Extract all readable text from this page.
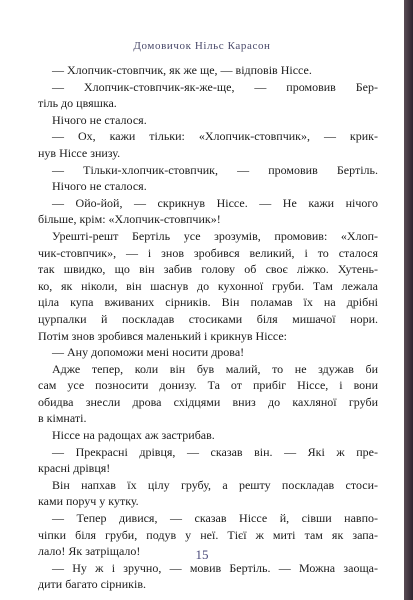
Домовичок Нільс Карасон
— Хлопчик-стовпчик, як же ще, — відповів Ніссе.
— Хлопчик-стовпчик-як-же-ще, — промовив Бер-
тіль до цвяшка.
Нічого не сталося.
— Ох, кажи тільки: «Хлопчик-стовпчик», — крик-
нув Ніссе знизу.
— Тільки-хлопчик-стовпчик, — промовив Бертіль.
Нічого не сталося.
— Ойо-йой, — скрикнув Ніссе. — Не кажи нічого
більше, крім: «Хлопчик-стовпчик»!
Урешті-решт Бертіль усе зрозумів, промовив: «Хлоп-
чик-стовпчик», — і знов зробився великий, і то сталося
так швидко, що він забив голову об своє ліжко. Хутень-
ко, як ніколи, він шаснув до кухонної груби. Там лежала
ціла купа вживаних сірників. Він поламав їх на дрібні
цурпалки й поскладав стосиками біля мишачої нори.
Потім знов зробився маленький і крикнув Ніссе:
— Ану допоможи мені носити дрова!
Адже тепер, коли він був малий, то не здужав би
сам усе позносити донизу. Та от прибіг Ніссе, і вони
обидва знесли дрова східцями вниз до кахляної груби
в кімнаті.
Ніссе на радощах аж застрибав.
— Прекрасні дрівця, — сказав він. — Які ж пре-
красні дрівця!
Він напхав їх цілу грубу, а решту поскладав стоси-
ками поруч у кутку.
— Тепер дивися, — сказав Ніссе й, сівши навпо-
чіпки біля груби, подув у неї. Тієї ж миті там як запа-
лало! Як затріщало!
— Ну ж і зручно, — мовив Бертіль. — Можна заоща-
дити багато сірників.
15
